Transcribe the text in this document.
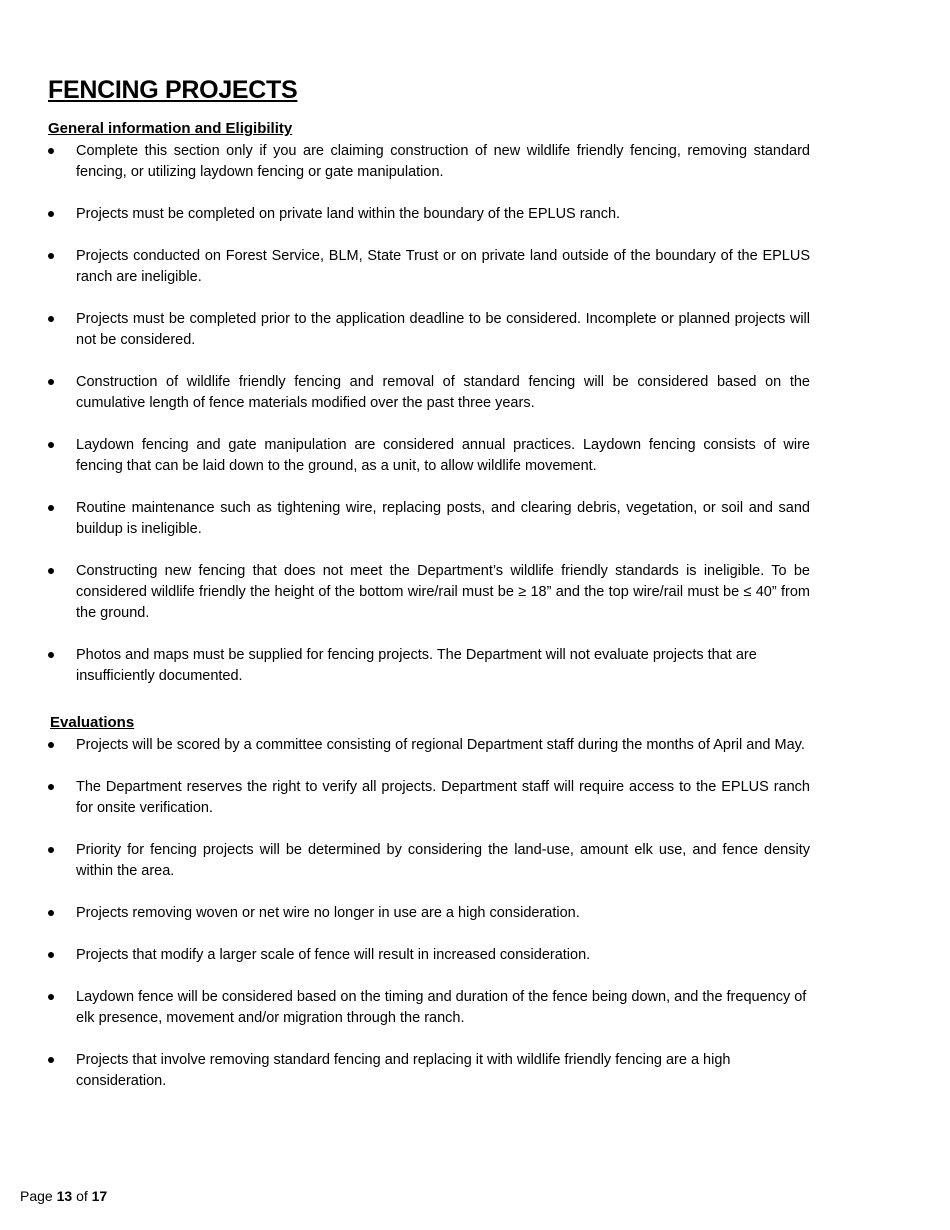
FENCING PROJECTS
General information and Eligibility
Complete this section only if you are claiming construction of new wildlife friendly fencing, removing standard fencing, or utilizing laydown fencing or gate manipulation.
Projects must be completed on private land within the boundary of the EPLUS ranch.
Projects conducted on Forest Service, BLM, State Trust or on private land outside of the boundary of the EPLUS ranch are ineligible.
Projects must be completed prior to the application deadline to be considered. Incomplete or planned projects will not be considered.
Construction of wildlife friendly fencing and removal of standard fencing will be considered based on the cumulative length of fence materials modified over the past three years.
Laydown fencing and gate manipulation are considered annual practices. Laydown fencing consists of wire fencing that can be laid down to the ground, as a unit, to allow wildlife movement.
Routine maintenance such as tightening wire, replacing posts, and clearing debris, vegetation, or soil and sand buildup is ineligible.
Constructing new fencing that does not meet the Department’s wildlife friendly standards is ineligible. To be considered wildlife friendly the height of the bottom wire/rail must be ≥ 18” and the top wire/rail must be ≤ 40” from the ground.
Photos and maps must be supplied for fencing projects. The Department will not evaluate projects that are insufficiently documented.
Evaluations
Projects will be scored by a committee consisting of regional Department staff during the months of April and May.
The Department reserves the right to verify all projects. Department staff will require access to the EPLUS ranch for onsite verification.
Priority for fencing projects will be determined by considering the land-use, amount elk use, and fence density within the area.
Projects removing woven or net wire no longer in use are a high consideration.
Projects that modify a larger scale of fence will result in increased consideration.
Laydown fence will be considered based on the timing and duration of the fence being down, and the frequency of elk presence, movement and/or migration through the ranch.
Projects that involve removing standard fencing and replacing it with wildlife friendly fencing are a high consideration.
Page 13 of 17
